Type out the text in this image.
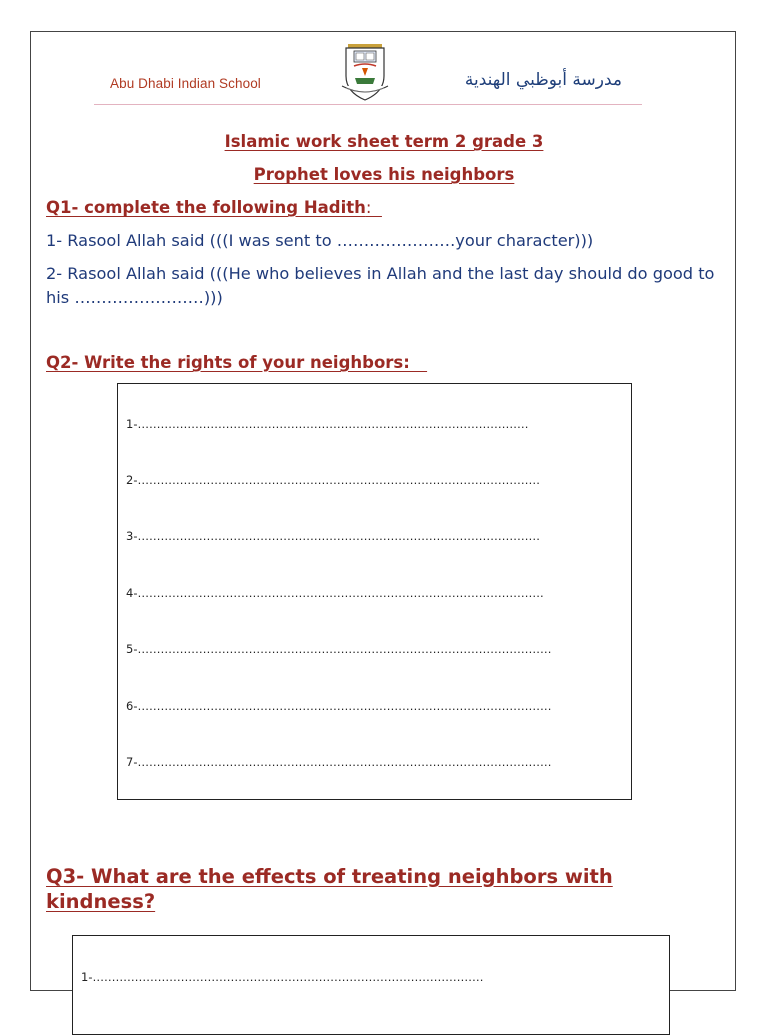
Abu Dhabi Indian School	مدرسة أبوظبي الهندية
Islamic work sheet term 2 grade 3
Prophet loves his neighbors
Q1- complete the following Hadith:
1- Rasool Allah said (((I was sent to ………………….your character)))
2- Rasool Allah said (((He who believes in Allah and the last day should do good to his ……………………)))
Q2- Write the rights of your neighbors:
1-…………………………………………………………………………………………
2-……………………………………………………………………………………………
3-……………………………………………………………………………………………
4-…………………………………………………………………………………………….
5-………………………………………………………………………………………………
6-………………………………………………………………………………………………
7-………………………………………………………………………………………………
Q3- What are the effects of treating neighbors with kindness?
1-…………………………………………………………………………………………
